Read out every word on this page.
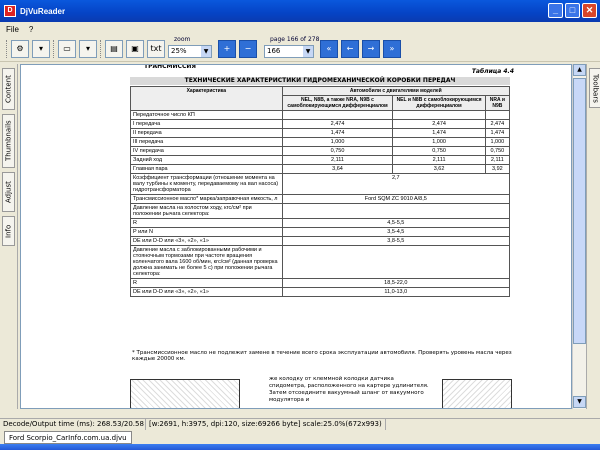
D DjVuReader	_	□	✕
File ?
⚙	▾	▭	▾	▤	▣	txt
zoom
25%	▼	+	−
page 166 of 278
166	▼	«	←	→	»
Content
Thumbnails
Adjust
Info
ТРАНСМИССИЯ
Таблица 4.4
ТЕХНИЧЕСКИЕ ХАРАКТЕРИСТИКИ ГИДРОМЕХАНИЧЕСКОЙ КОРОБКИ ПЕРЕДАЧ
Характеристика	Автомобили с двигателями моделей		
	NEL, N8B, а также NRA, N9B с самоблокирующимся дифференциалом	NEL и N8B с самоблокирующимся дифференциалом	NRA и N9B
Передаточное число КП			
I передача	2,474	2,474	2,474
II передача	1,474	1,474	1,474
III передача	1,000	1,000	1,000
IV передача	0,750	0,750	0,750
Задний ход	2,111	2,111	2,111
Главная пара	3,64	3,62	3,92
Коэффициент трансформации (отношение момента на валу турбины к моменту, передаваемому на вал насоса) гидротрансформатора	2,7		
Трансмиссионное масло* марка/заправочная емкость, л	Ford SQM ZC 9010 A/8,5		
Давление масла на холостом ходу, кгс/см² при положении рычага селектора:			
R	4,5-5,5		
P или N	3,5-4,5		
DE или D-D или «3», «2», «1»	3,8-5,5		
Давление масла с заблокированными рабочими и стояночным тормозами при частоте вращения коленчатого вала 1600 об/мин, кгс/см² (данная проверка должна занимать не более 5 с) при положении рычага селектора:			
R	18,5-22,0		
DE или D-D или «3», «2», «1»	11,0-13,0		
* Трансмиссионное масло не подлежит замене в течение всего срока эксплуатации автомобиля. Проверять уровень масла через каждые 20000 км.
же колодку от клеммной колодки датчика спидометра, расположенного на картере удлинителя. Затем отсоедините вакуумный шланг от вакуумного модулятора и
▲
▼
Toolbars
Decode/Output time (ms): 268.53/20.58 [w:2691, h:3975, dpi:120, size:69266 byte] scale:25.0%(672x993)
Ford Scorpio_CarInfo.com.ua.djvu
